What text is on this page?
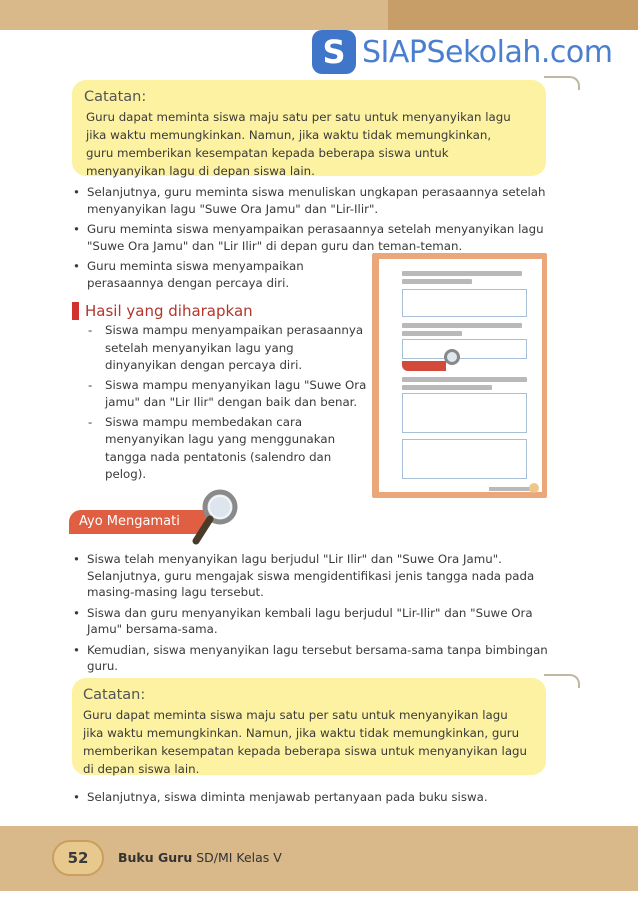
S SIAPSekolah.com
Catatan:
Guru dapat meminta siswa maju satu per satu untuk menyanyikan lagu
jika waktu memungkinkan. Namun, jika waktu tidak memungkinkan,
guru memberikan kesempatan kepada beberapa siswa untuk
menyanyikan lagu di depan siswa lain.
• Selanjutnya, guru meminta siswa menuliskan ungkapan perasaannya setelah menyanyikan lagu "Suwe Ora Jamu" dan "Lir-Ilir".
• Guru meminta siswa menyampaikan perasaannya setelah menyanyikan lagu "Suwe Ora Jamu" dan "Lir Ilir" di depan guru dan teman-teman.
• Guru meminta siswa menyampaikan perasaannya dengan percaya diri.
Hasil yang diharapkan
- Siswa mampu menyampaikan perasaannya setelah menyanyikan lagu yang dinyanyikan dengan percaya diri.
- Siswa mampu menyanyikan lagu "Suwe Ora jamu" dan "Lir Ilir" dengan baik dan benar.
- Siswa mampu membedakan cara menyanyikan lagu yang menggunakan tangga nada pentatonis (salendro dan pelog).
Ayo Mengamati
• Siswa telah menyanyikan lagu berjudul "Lir Ilir" dan "Suwe Ora Jamu". Selanjutnya, guru mengajak siswa mengidentifikasi jenis tangga nada pada masing-masing lagu tersebut.
• Siswa dan guru menyanyikan kembali lagu berjudul "Lir-Ilir" dan "Suwe Ora Jamu" bersama-sama.
• Kemudian, siswa menyanyikan lagu tersebut bersama-sama tanpa bimbingan guru.
Catatan:
Guru dapat meminta siswa maju satu per satu untuk menyanyikan lagu
jika waktu memungkinkan. Namun, jika waktu tidak memungkinkan, guru
memberikan kesempatan kepada beberapa siswa untuk menyanyikan lagu
di depan siswa lain.
• Selanjutnya, siswa diminta menjawab pertanyaan pada buku siswa.
52	Buku Guru SD/MI Kelas V
